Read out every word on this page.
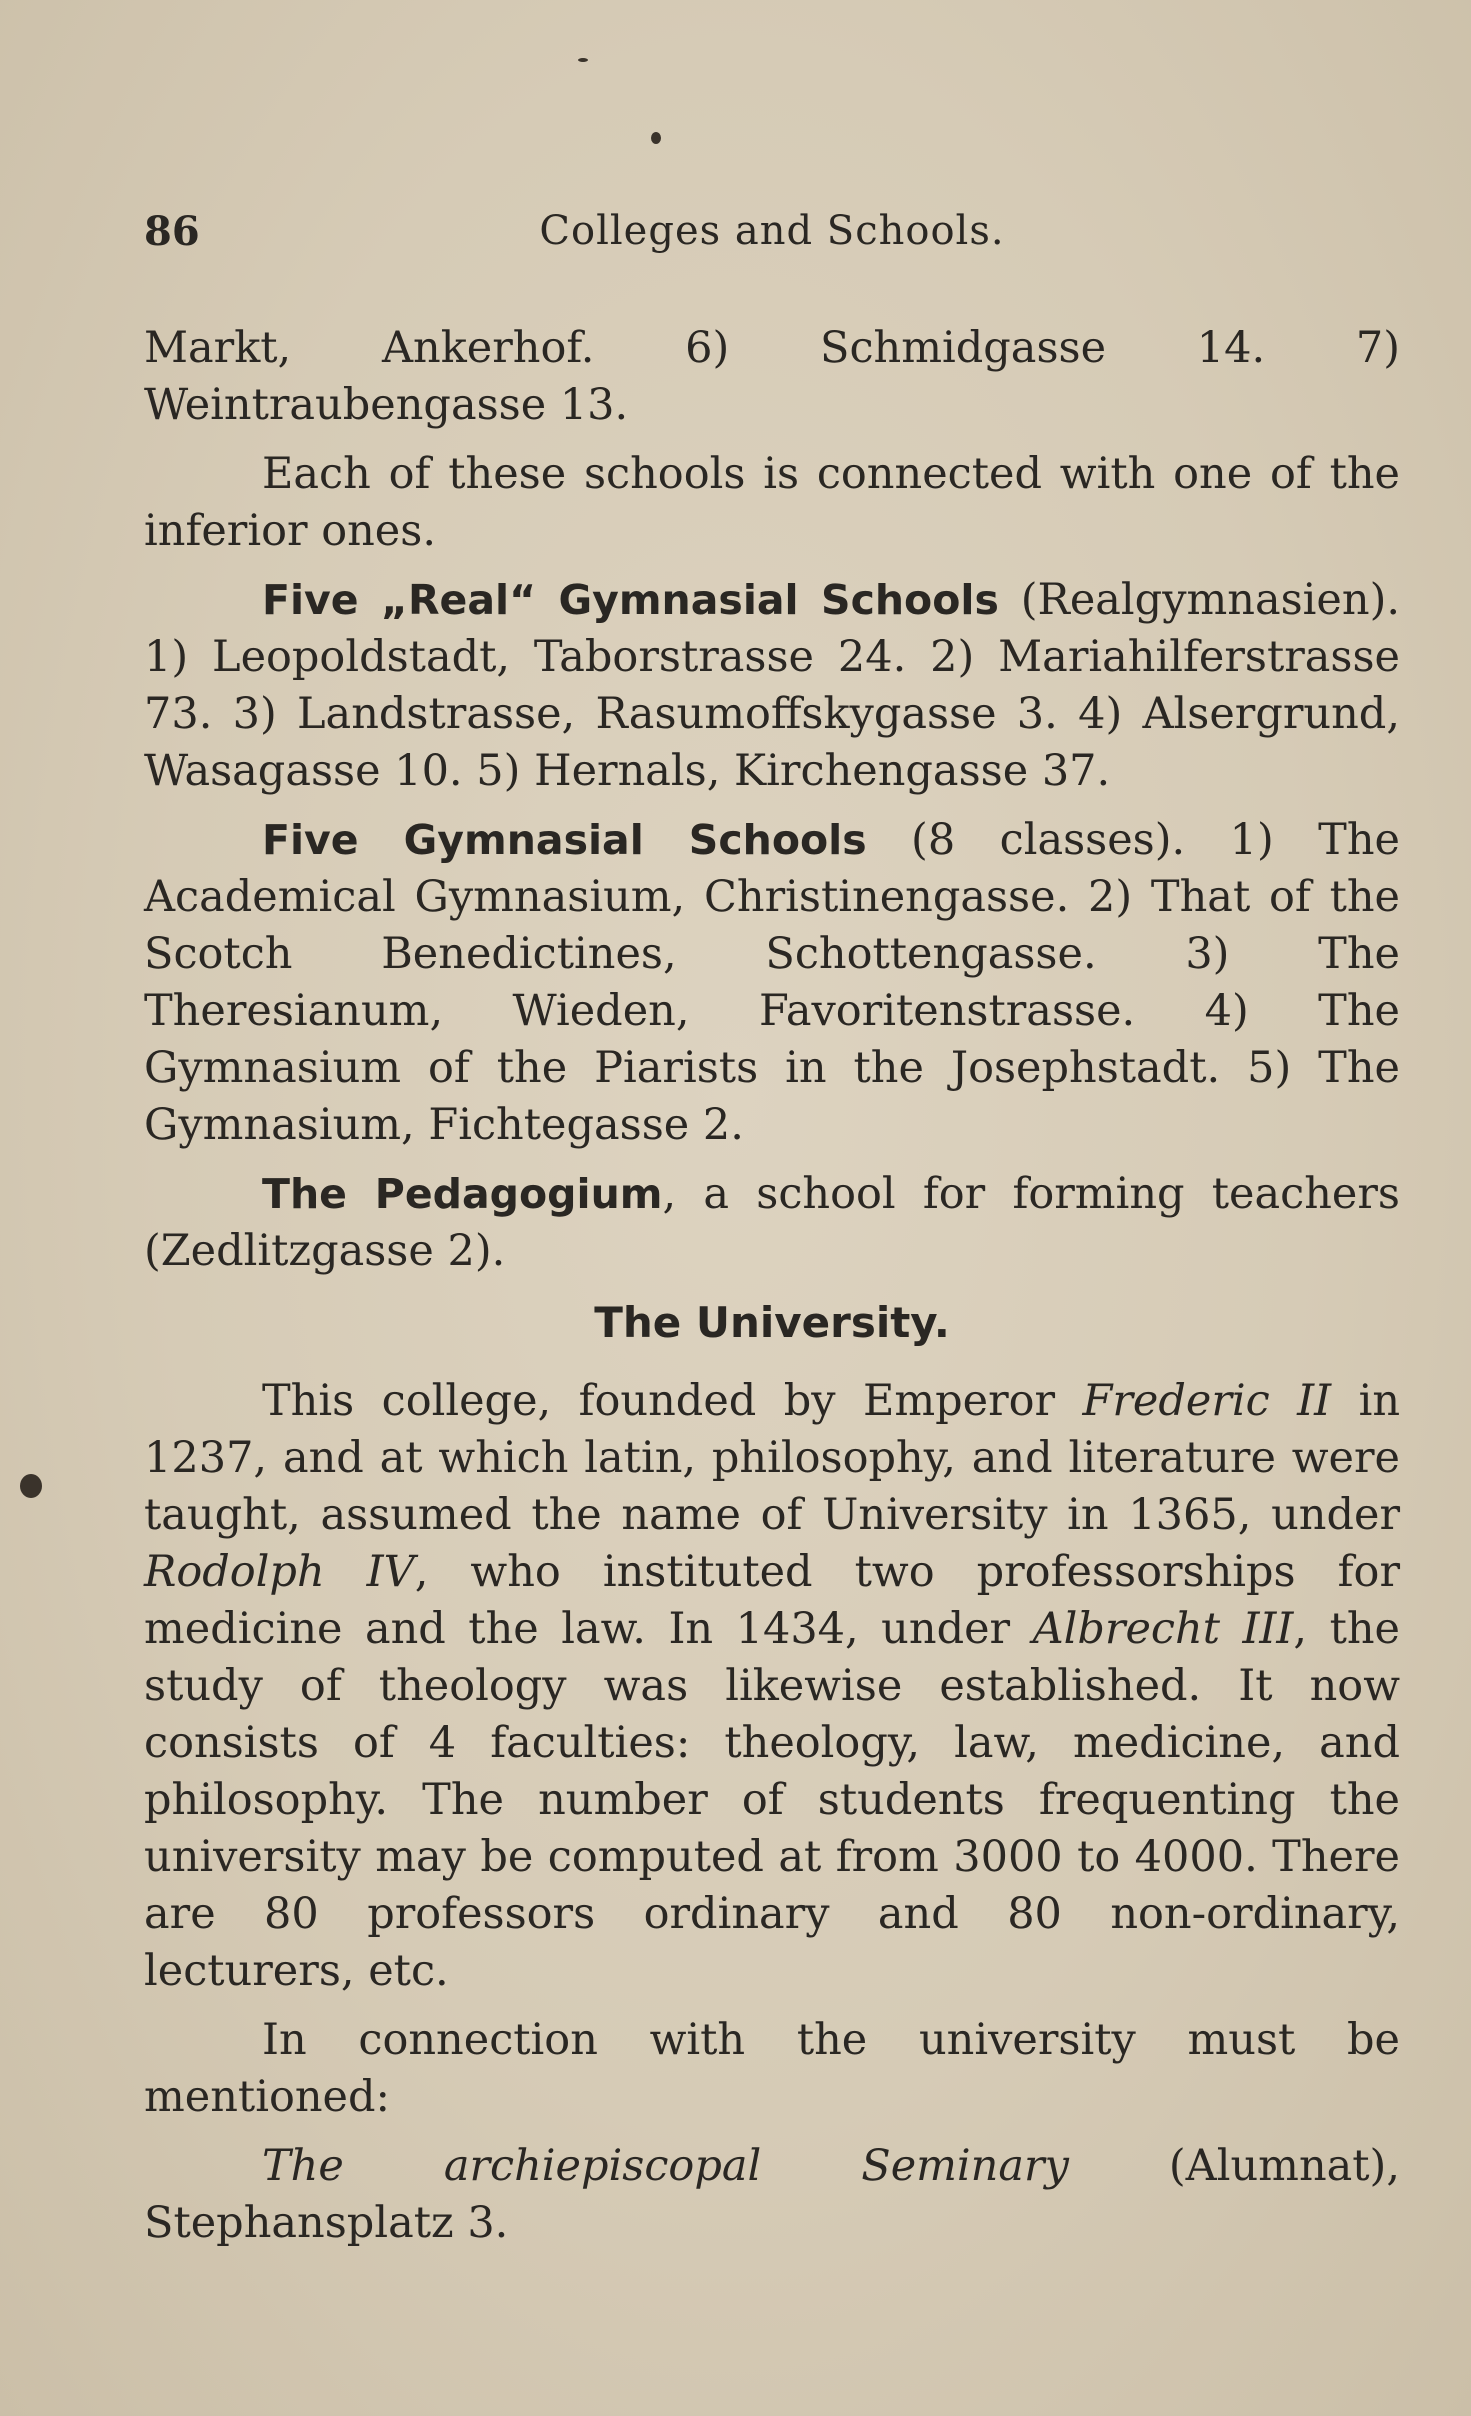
86	Colleges and Schools.

Markt, Ankerhof. 6) Schmidgasse 14. 7) Weintraubengasse 13.

Each of these schools is connected with one of the inferior ones.

Five „Real“ Gymnasial Schools (Realgymnasien). 1) Leopoldstadt, Taborstrasse 24. 2) Mariahilferstrasse 73. 3) Landstrasse, Rasumoffskygasse 3. 4) Alsergrund, Wasagasse 10. 5) Hernals, Kirchengasse 37.

Five Gymnasial Schools (8 classes). 1) The Academical Gymnasium, Christinengasse. 2) That of the Scotch Benedictines, Schottengasse. 3) The Theresianum, Wieden, Favoritenstrasse. 4) The Gymnasium of the Piarists in the Josephstadt. 5) The Gymnasium, Fichtegasse 2.

The Pedagogium, a school for forming teachers (Zedlitzgasse 2).

The University.

This college, founded by Emperor Frederic II in 1237, and at which latin, philosophy, and literature were taught, assumed the name of University in 1365, under Rodolph IV, who instituted two professorships for medicine and the law. In 1434, under Albrecht III, the study of theology was likewise established. It now consists of 4 faculties: theology, law, medicine, and philosophy. The number of students frequenting the university may be computed at from 3000 to 4000. There are 80 professors ordinary and 80 non-ordinary, lecturers, etc.

In connection with the university must be mentioned:

The archiepiscopal Seminary (Alumnat), Stephansplatz 3.
